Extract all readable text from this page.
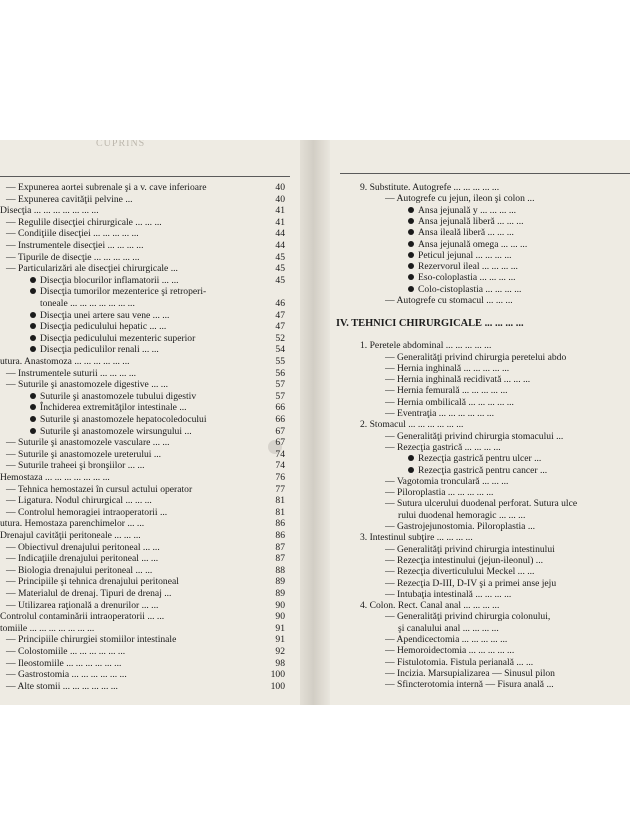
CUPRINS
— Expunerea aortei subrenale şi a v. cave inferioare	40
— Expunerea cavităţii pelvine ...	40
Disecţia ... ... ... ... ... ... ...	41
— Regulile disecţiei chirurgicale ... ... ...	41
— Condiţiile disecţiei ... ... ... ... ...	44
— Instrumentele disecţiei ... ... ... ...	44
— Tipurile de disecţie ... ... ... ... ...	45
— Particularizări ale disecţiei chirurgicale ...	45
Disecţia blocurilor inflamatorii ... ...	45
Disecţia tumorilor mezenterice şi retroperi-
toneale ... ... ... ... ... ... ...	46
Disecţia unei artere sau vene ... ...	47
Disecţia pediculului hepatic ... ...	47
Disecţia pediculului mezenteric superior	52
Disecţia pediculilor renali ... ...	54
utura. Anastomoza ... ... ... ... ... ...	55
— Instrumentele suturii ... ... ... ...	56
— Suturile şi anastomozele digestive ... ...	57
Suturile şi anastomozele tubului digestiv	57
Închiderea extremităţilor intestinale ...	66
Suturile şi anastomozele hepatocoledocului	66
Suturile şi anastomozele wirsungului ...	67
— Suturile şi anastomozele vasculare ... ...	67
— Suturile şi anastomozele ureterului ...	74
— Suturile traheei şi bronşiilor ... ...	74
Hemostaza ... ... ... ... ... ... ...	76
— Tehnica hemostazei în cursul actului operator	77
— Ligatura. Nodul chirurgical ... ... ...	81
— Controlul hemoragiei intraoperatorii ...	81
utura. Hemostaza parenchimelor ... ...	86
Drenajul cavităţii peritoneale ... ... ...	86
— Obiectivul drenajului peritoneal ... ...	87
— Indicaţiile drenajului peritoneal ... ...	87
— Biologia drenajului peritoneal ... ...	88
— Principiile şi tehnica drenajului peritoneal	89
— Materialul de drenaj. Tipuri de drenaj ...	89
— Utilizarea raţională a drenurilor ... ...	90
Controlul contaminării intraoperatorii ... ...	90
tomiile ... ... ... ... ... ... ...	91
— Principiile chirurgiei stomiilor intestinale	91
— Colostomiile ... ... ... ... ... ...	92
— Ileostomiile ... ... ... ... ... ...	98
— Gastrostomia ... ... ... ... ... ...	100
— Alte stomii ... ... ... ... ... ...	100
9. Substitute. Autogrefe ... ... ... ... ...
— Autogrefe cu jejun, ileon şi colon ...
Ansa jejunală y ... ... ... ...
Ansa jejunală liberă ... ... ...
Ansa ileală liberă ... ... ...
Ansa jejunală omega ... ... ...
Peticul jejunal ... ... ... ...
Rezervorul ileal ... ... ... ...
Eso-coloplastia ... ... ... ...
Colo-cistoplastia ... ... ... ...
— Autogrefe cu stomacul ... ... ...
IV. TEHNICI CHIRURGICALE ... ... ... ...
1. Peretele abdominal ... ... ... ... ...
— Generalităţi privind chirurgia peretelui abdo
— Hernia inghinală ... ... ... ... ...
— Hernia inghinală recidivată ... ... ...
— Hernia femurală ... ... ... ... ...
— Hernia ombilicală ... ... ... ... ...
— Eventraţia ... ... ... ... ... ...
2. Stomacul ... ... ... ... ... ...
— Generalităţi privind chirurgia stomacului ...
— Rezecţia gastrică ... ... ... ...
Rezecţia gastrică pentru ulcer ...
Rezecţia gastrică pentru cancer ...
— Vagotomia tronculară ... ... ...
— Piloroplastia ... ... ... ... ...
— Sutura ulcerului duodenal perforat. Sutura ulce
rului duodenal hemoragic ... ... ...
— Gastrojejunostomia. Piloroplastia ...
3. Intestinul subţire ... ... ... ...
— Generalităţi privind chirurgia intestinului
— Rezecţia intestinului (jejun-ileonul) ...
— Rezecţia diverticulului Meckel ... ...
— Rezecţia D-III, D-IV şi a primei anse jeju
— Intubaţia intestinală ... ... ... ...
4. Colon. Rect. Canal anal ... ... ... ...
— Generalităţi privind chirurgia colonului,
şi canalului anal ... ... ... ...
— Apendicectomia ... ... ... ... ...
— Hemoroidectomia ... ... ... ... ...
— Fistulotomia. Fistula perianală ... ...
— Incizia. Marsupializarea — Sinusul pilon
— Sfincterotomia internă — Fisura anală ...
